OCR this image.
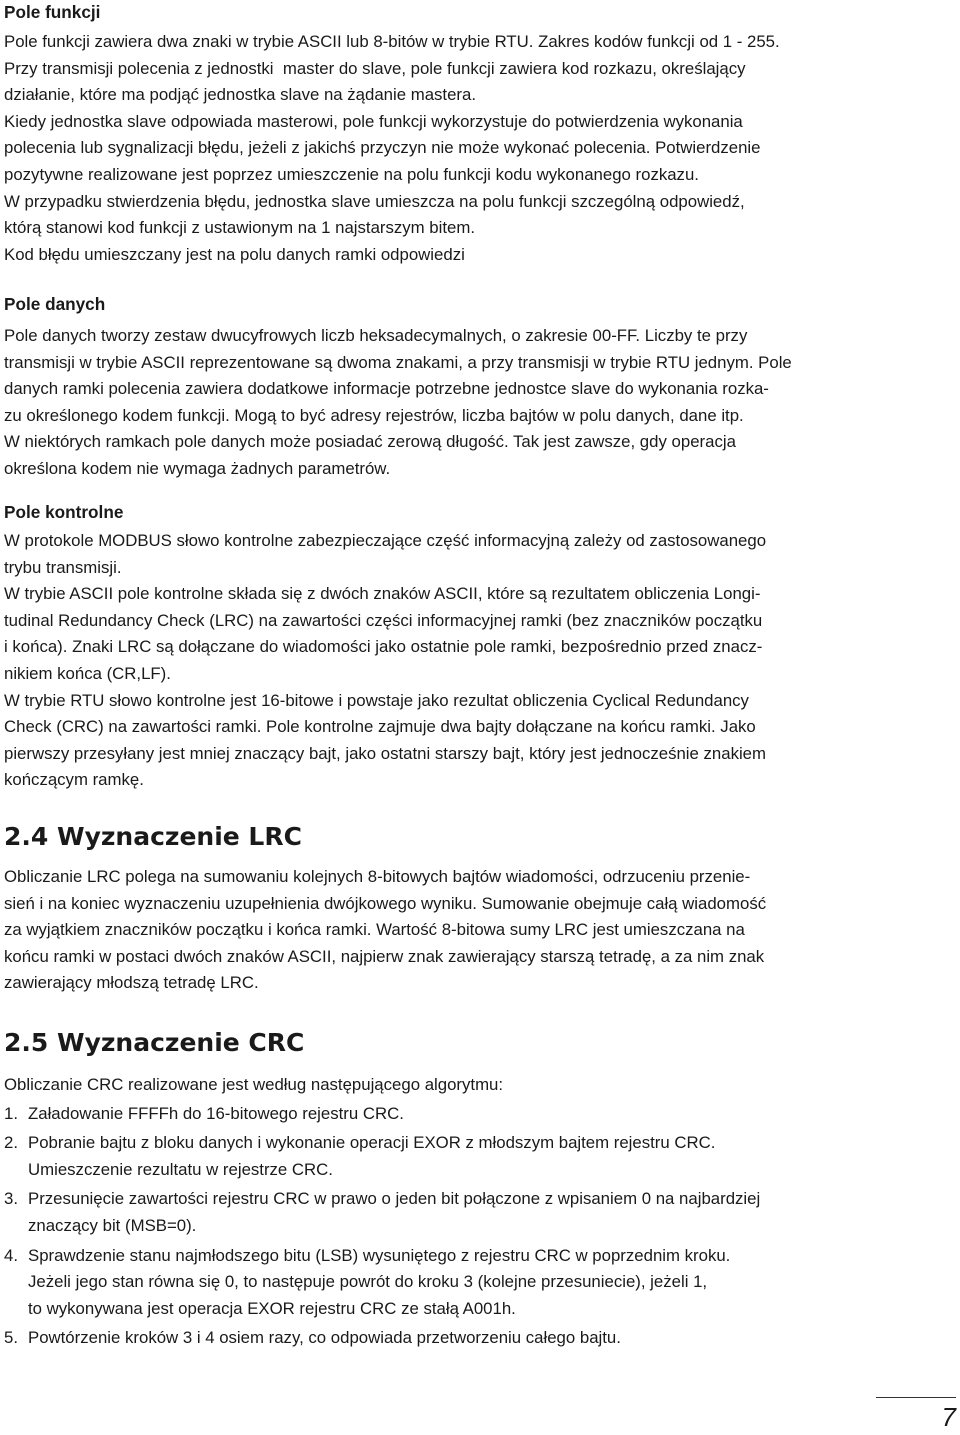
Pole funkcji

Pole funkcji zawiera dwa znaki w trybie ASCII lub 8-bitów w trybie RTU. Zakres kodów funkcji od 1 - 255.
Przy transmisji polecenia z jednostki  master do slave, pole funkcji zawiera kod rozkazu, określający
działanie, które ma podjąć jednostka slave na żądanie mastera.
Kiedy jednostka slave odpowiada masterowi, pole funkcji wykorzystuje do potwierdzenia wykonania
polecenia lub sygnalizacji błędu, jeżeli z jakichś przyczyn nie może wykonać polecenia. Potwierdzenie
pozytywne realizowane jest poprzez umieszczenie na polu funkcji kodu wykonanego rozkazu.
W przypadku stwierdzenia błędu, jednostka slave umieszcza na polu funkcji szczególną odpowiedź,
którą stanowi kod funkcji z ustawionym na 1 najstarszym bitem.
Kod błędu umieszczany jest na polu danych ramki odpowiedzi

Pole danych

Pole danych tworzy zestaw dwucyfrowych liczb heksadecymalnych, o zakresie 00-FF. Liczby te przy
transmisji w trybie ASCII reprezentowane są dwoma znakami, a przy transmisji w trybie RTU jednym. Pole
danych ramki polecenia zawiera dodatkowe informacje potrzebne jednostce slave do wykonania rozka-
zu określonego kodem funkcji. Mogą to być adresy rejestrów, liczba bajtów w polu danych, dane itp.
W niektórych ramkach pole danych może posiadać zerową długość. Tak jest zawsze, gdy operacja
określona kodem nie wymaga żadnych parametrów.

Pole kontrolne

W protokole MODBUS słowo kontrolne zabezpieczające część informacyjną zależy od zastosowanego
trybu transmisji.
W trybie ASCII pole kontrolne składa się z dwóch znaków ASCII, które są rezultatem obliczenia Longi-
tudinal Redundancy Check (LRC) na zawartości części informacyjnej ramki (bez znaczników początku
i końca). Znaki LRC są dołączane do wiadomości jako ostatnie pole ramki, bezpośrednio przed znacz-
nikiem końca (CR,LF).
W trybie RTU słowo kontrolne jest 16-bitowe i powstaje jako rezultat obliczenia Cyclical Redundancy
Check (CRC) na zawartości ramki. Pole kontrolne zajmuje dwa bajty dołączane na końcu ramki. Jako
pierwszy przesyłany jest mniej znaczący bajt, jako ostatni starszy bajt, który jest jednocześnie znakiem
kończącym ramkę.

2.4 Wyznaczenie LRC

Obliczanie LRC polega na sumowaniu kolejnych 8-bitowych bajtów wiadomości, odrzuceniu przenie-
sień i na koniec wyznaczeniu uzupełnienia dwójkowego wyniku. Sumowanie obejmuje całą wiadomość
za wyjątkiem znaczników początku i końca ramki. Wartość 8-bitowa sumy LRC jest umieszczana na
końcu ramki w postaci dwóch znaków ASCII, najpierw znak zawierający starszą tetradę, a za nim znak
zawierający młodszą tetradę LRC.

2.5 Wyznaczenie CRC

Obliczanie CRC realizowane jest według następującego algorytmu:

1. Załadowanie FFFFh do 16-bitowego rejestru CRC.
2. Pobranie bajtu z bloku danych i wykonanie operacji EXOR z młodszym bajtem rejestru CRC.
Umieszczenie rezultatu w rejestrze CRC.
3. Przesunięcie zawartości rejestru CRC w prawo o jeden bit połączone z wpisaniem 0 na najbardziej
znaczący bit (MSB=0).
4. Sprawdzenie stanu najmłodszego bitu (LSB) wysuniętego z rejestru CRC w poprzednim kroku.
Jeżeli jego stan równa się 0, to następuje powrót do kroku 3 (kolejne przesuniecie), jeżeli 1,
to wykonywana jest operacja EXOR rejestru CRC ze stałą A001h.
5. Powtórzenie kroków 3 i 4 osiem razy, co odpowiada przetworzeniu całego bajtu.
7
